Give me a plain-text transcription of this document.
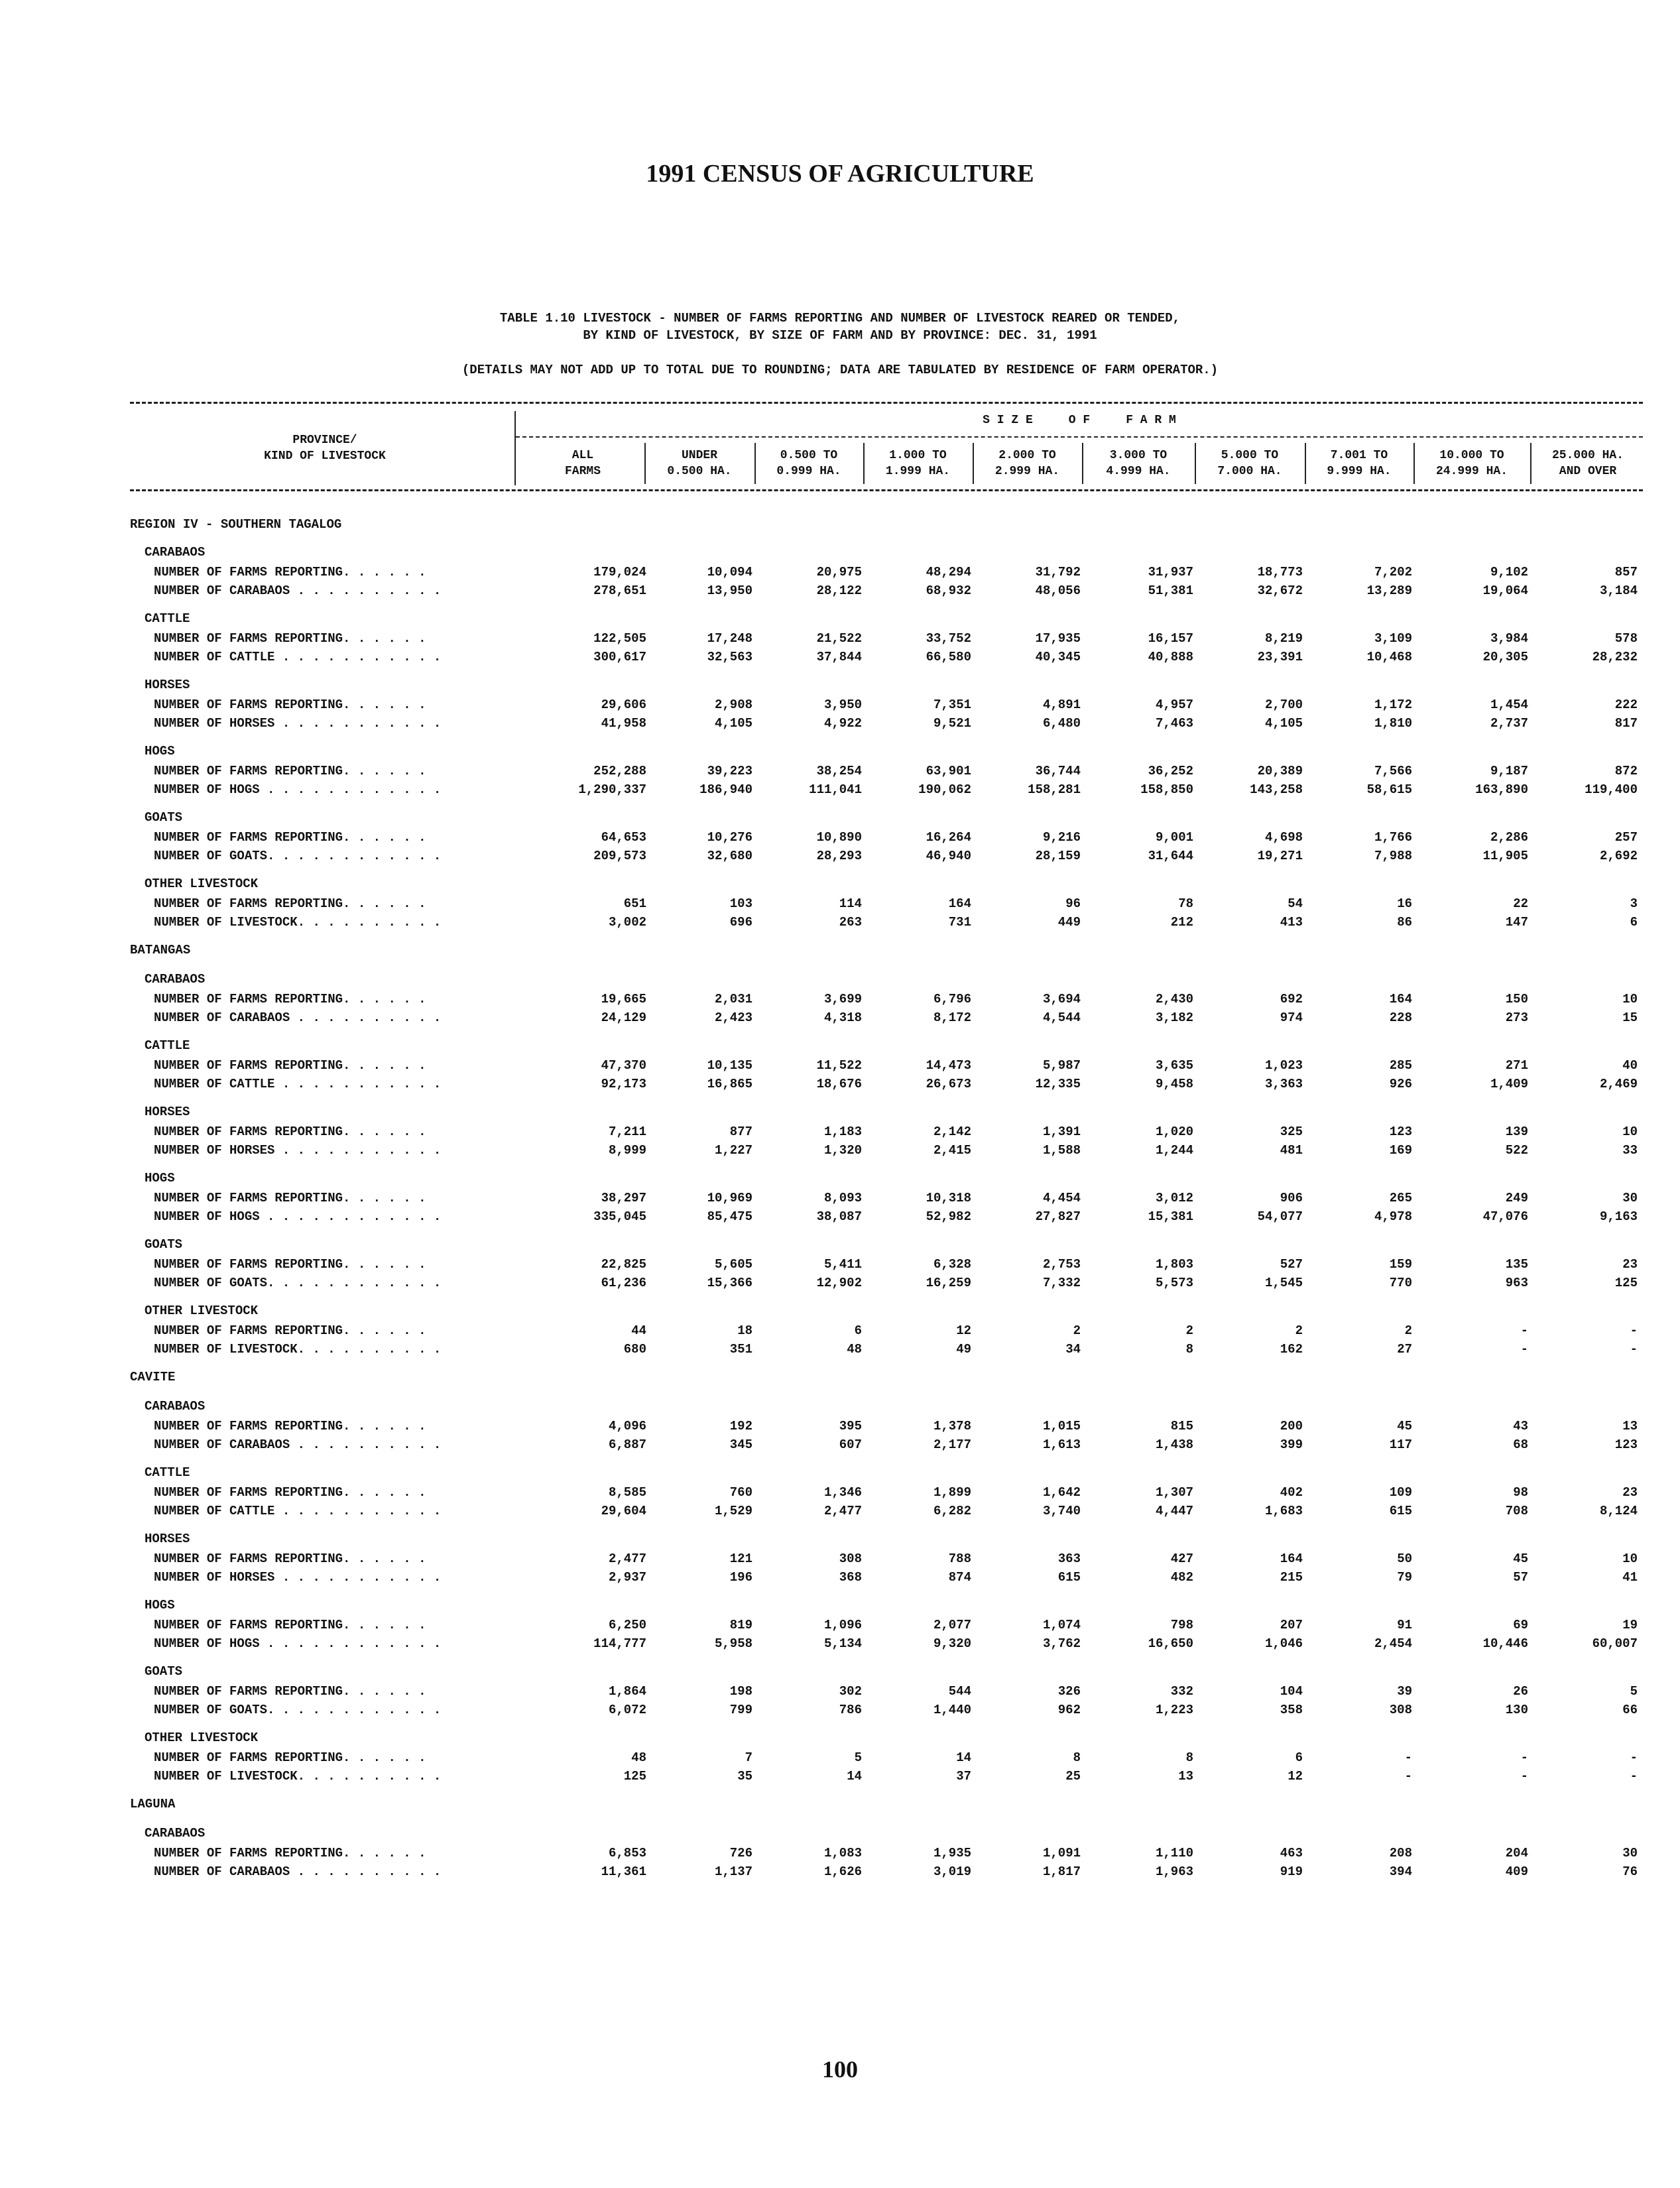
1991 CENSUS OF AGRICULTURE
TABLE 1.10 LIVESTOCK - NUMBER OF FARMS REPORTING AND NUMBER OF LIVESTOCK REARED OR TENDED,
BY KIND OF LIVESTOCK, BY SIZE OF FARM AND BY PROVINCE: DEC. 31, 1991
(DETAILS MAY NOT ADD UP TO TOTAL DUE TO ROUNDING; DATA ARE TABULATED BY RESIDENCE OF FARM OPERATOR.)
PROVINCE/
KIND OF LIVESTOCK
S I Z E     O F     F A R M
ALL
FARMS
UNDER
0.500 HA.
0.500 TO
0.999 HA.
1.000 TO
1.999 HA.
2.000 TO
2.999 HA.
3.000 TO
4.999 HA.
5.000 TO
7.000 HA.
7.001 TO
9.999 HA.
10.000 TO
24.999 HA.
25.000 HA.
AND OVER
REGION IV - SOUTHERN TAGALOG
CARABAOS
NUMBER OF FARMS REPORTING. . . . . .	179,024	10,094	20,975	48,294	31,792	31,937	18,773	7,202	9,102	857
NUMBER OF CARABAOS . . . . . . . . . .	278,651	13,950	28,122	68,932	48,056	51,381	32,672	13,289	19,064	3,184
CATTLE
NUMBER OF FARMS REPORTING. . . . . .	122,505	17,248	21,522	33,752	17,935	16,157	8,219	3,109	3,984	578
NUMBER OF CATTLE . . . . . . . . . . .	300,617	32,563	37,844	66,580	40,345	40,888	23,391	10,468	20,305	28,232
HORSES
NUMBER OF FARMS REPORTING. . . . . .	29,606	2,908	3,950	7,351	4,891	4,957	2,700	1,172	1,454	222
NUMBER OF HORSES . . . . . . . . . . .	41,958	4,105	4,922	9,521	6,480	7,463	4,105	1,810	2,737	817
HOGS
NUMBER OF FARMS REPORTING. . . . . .	252,288	39,223	38,254	63,901	36,744	36,252	20,389	7,566	9,187	872
NUMBER OF HOGS . . . . . . . . . . . .	1,290,337	186,940	111,041	190,062	158,281	158,850	143,258	58,615	163,890	119,400
GOATS
NUMBER OF FARMS REPORTING. . . . . .	64,653	10,276	10,890	16,264	9,216	9,001	4,698	1,766	2,286	257
NUMBER OF GOATS. . . . . . . . . . . .	209,573	32,680	28,293	46,940	28,159	31,644	19,271	7,988	11,905	2,692
OTHER LIVESTOCK
NUMBER OF FARMS REPORTING. . . . . .	651	103	114	164	96	78	54	16	22	3
NUMBER OF LIVESTOCK. . . . . . . . . .	3,002	696	263	731	449	212	413	86	147	6
BATANGAS
CARABAOS
NUMBER OF FARMS REPORTING. . . . . .	19,665	2,031	3,699	6,796	3,694	2,430	692	164	150	10
NUMBER OF CARABAOS . . . . . . . . . .	24,129	2,423	4,318	8,172	4,544	3,182	974	228	273	15
CATTLE
NUMBER OF FARMS REPORTING. . . . . .	47,370	10,135	11,522	14,473	5,987	3,635	1,023	285	271	40
NUMBER OF CATTLE . . . . . . . . . . .	92,173	16,865	18,676	26,673	12,335	9,458	3,363	926	1,409	2,469
HORSES
NUMBER OF FARMS REPORTING. . . . . .	7,211	877	1,183	2,142	1,391	1,020	325	123	139	10
NUMBER OF HORSES . . . . . . . . . . .	8,999	1,227	1,320	2,415	1,588	1,244	481	169	522	33
HOGS
NUMBER OF FARMS REPORTING. . . . . .	38,297	10,969	8,093	10,318	4,454	3,012	906	265	249	30
NUMBER OF HOGS . . . . . . . . . . . .	335,045	85,475	38,087	52,982	27,827	15,381	54,077	4,978	47,076	9,163
GOATS
NUMBER OF FARMS REPORTING. . . . . .	22,825	5,605	5,411	6,328	2,753	1,803	527	159	135	23
NUMBER OF GOATS. . . . . . . . . . . .	61,236	15,366	12,902	16,259	7,332	5,573	1,545	770	963	125
OTHER LIVESTOCK
NUMBER OF FARMS REPORTING. . . . . .	44	18	6	12	2	2	2	2	-	-
NUMBER OF LIVESTOCK. . . . . . . . . .	680	351	48	49	34	8	162	27	-	-
CAVITE
CARABAOS
NUMBER OF FARMS REPORTING. . . . . .	4,096	192	395	1,378	1,015	815	200	45	43	13
NUMBER OF CARABAOS . . . . . . . . . .	6,887	345	607	2,177	1,613	1,438	399	117	68	123
CATTLE
NUMBER OF FARMS REPORTING. . . . . .	8,585	760	1,346	1,899	1,642	1,307	402	109	98	23
NUMBER OF CATTLE . . . . . . . . . . .	29,604	1,529	2,477	6,282	3,740	4,447	1,683	615	708	8,124
HORSES
NUMBER OF FARMS REPORTING. . . . . .	2,477	121	308	788	363	427	164	50	45	10
NUMBER OF HORSES . . . . . . . . . . .	2,937	196	368	874	615	482	215	79	57	41
HOGS
NUMBER OF FARMS REPORTING. . . . . .	6,250	819	1,096	2,077	1,074	798	207	91	69	19
NUMBER OF HOGS . . . . . . . . . . . .	114,777	5,958	5,134	9,320	3,762	16,650	1,046	2,454	10,446	60,007
GOATS
NUMBER OF FARMS REPORTING. . . . . .	1,864	198	302	544	326	332	104	39	26	5
NUMBER OF GOATS. . . . . . . . . . . .	6,072	799	786	1,440	962	1,223	358	308	130	66
OTHER LIVESTOCK
NUMBER OF FARMS REPORTING. . . . . .	48	7	5	14	8	8	6	-	-	-
NUMBER OF LIVESTOCK. . . . . . . . . .	125	35	14	37	25	13	12	-	-	-
LAGUNA
CARABAOS
NUMBER OF FARMS REPORTING. . . . . .	6,853	726	1,083	1,935	1,091	1,110	463	208	204	30
NUMBER OF CARABAOS . . . . . . . . . .	11,361	1,137	1,626	3,019	1,817	1,963	919	394	409	76
100
